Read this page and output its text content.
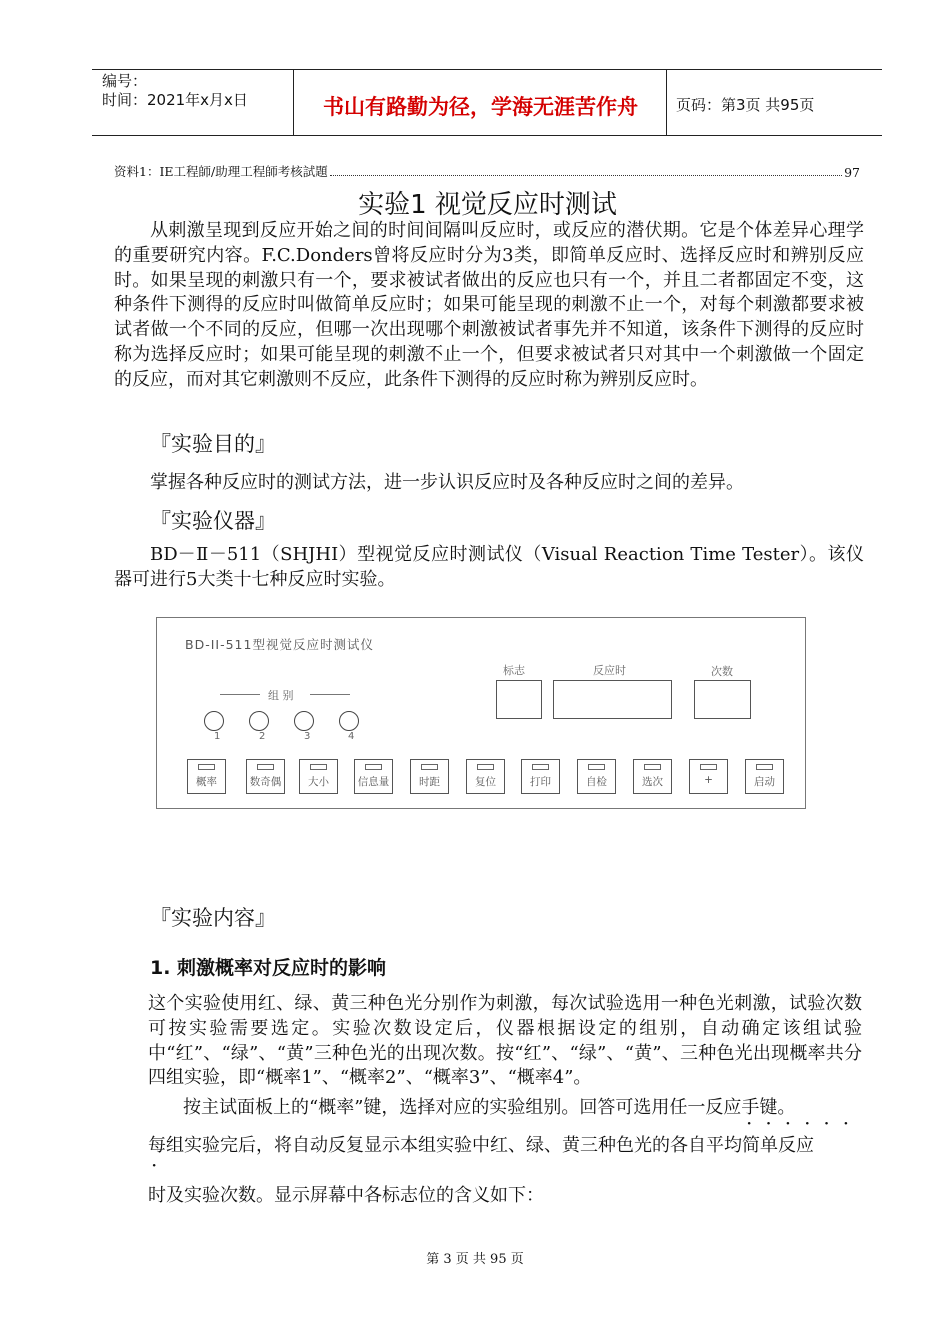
编号：
时间：2021年x月x日	书山有路勤为径，学海无涯苦作舟	页码：第3页 共95页
资料1：IE工程師/助理工程師考核試題	97
实验1 视觉反应时测试
从刺激呈现到反应开始之间的时间间隔叫反应时，或反应的潜伏期。它是个体差异心理学的重要研究内容。F.C.Donders曾将反应时分为3类，即简单反应时、选择反应时和辨别反应时。如果呈现的刺激只有一个，要求被试者做出的反应也只有一个，并且二者都固定不变，这种条件下测得的反应时叫做简单反应时；如果可能呈现的刺激不止一个，对每个刺激都要求被试者做一个不同的反应，但哪一次出现哪个刺激被试者事先并不知道，该条件下测得的反应时称为选择反应时；如果可能呈现的刺激不止一个，但要求被试者只对其中一个刺激做一个固定的反应，而对其它刺激则不反应，此条件下测得的反应时称为辨别反应时。
『实验目的』
掌握各种反应时的测试方法，进一步认识反应时及各种反应时之间的差异。
『实验仪器』
BD－Ⅱ－511（SHJHI）型视觉反应时测试仪（Visual Reaction Time Tester）。该仪器可进行5大类十七种反应时实验。
BD-II-511型视觉反应时测试仪
标志	反应时	次数
组 别
1	2	3	4
概率	数奇偶	大小	信息量	时距	复位	打印	自检	选次	+	启动
『实验内容』
1. 刺激概率对反应时的影响
这个实验使用红、绿、黄三种色光分别作为刺激，每次试验选用一种色光刺激，试验次数可按实验需要选定。实验次数设定后，仪器根据设定的组别，自动确定该组试验中“红”、“绿”、“黄”三种色光的出现次数。按“红”、“绿”、“黄”、三种色光出现概率共分四组实验，即“概率1”、“概率2”、“概率3”、“概率4”。
按主试面板上的“概率”键，选择对应的实验组别。回答可选用任一反应手键。
······
每组实验完后，将自动反复显示本组实验中红、绿、黄三种色光的各自平均简单反应
·
时及实验次数。显示屏幕中各标志位的含义如下：
第 3 页 共 95 页
